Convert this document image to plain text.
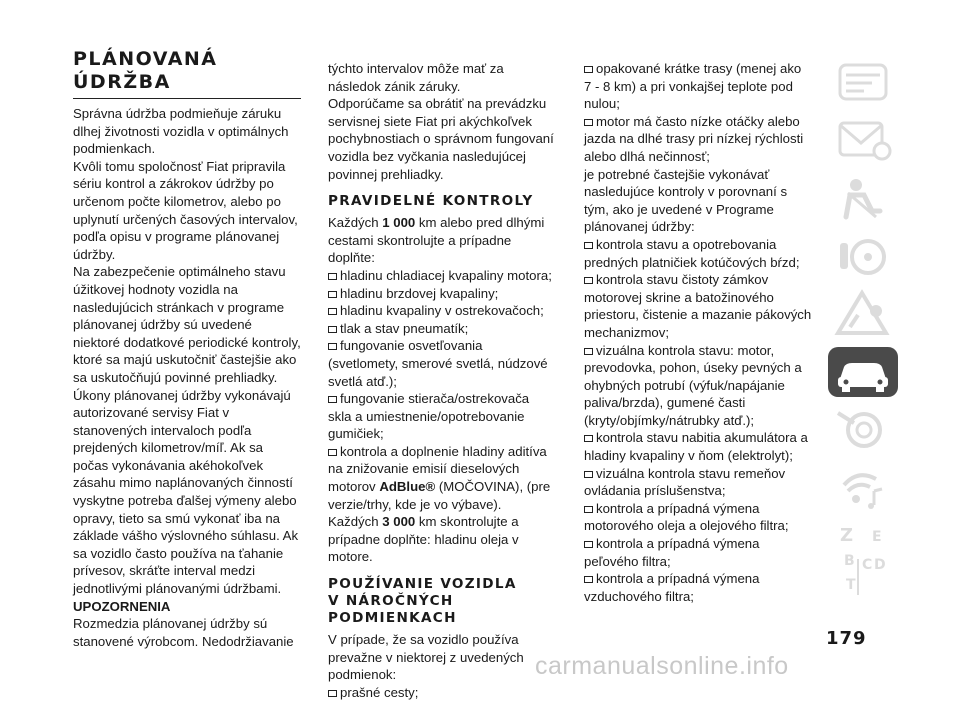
PLÁNOVANÁ
ÚDRŽBA

Správna údržba podmieňuje záruku dlhej životnosti vozidla v optimálnych podmienkach.

Kvôli tomu spoločnosť Fiat pripravila sériu kontrol a zákrokov údržby po určenom počte kilometrov, alebo po uplynutí určených časových intervalov, podľa opisu v programe plánovanej údržby.

Na zabezpečenie optimálneho stavu úžitkovej hodnoty vozidla na nasledujúcich stránkach v programe plánovanej údržby sú uvedené niektoré dodatkové periodické kontroly, ktoré sa majú uskutočniť častejšie ako sa uskutočňujú povinné prehliadky.

Úkony plánovanej údržby vykonávajú autorizované servisy Fiat v stanovených intervaloch podľa prejdených kilometrov/míľ. Ak sa počas vykonávania akéhokoľvek zásahu mimo naplánovaných činností vyskytne potreba ďalšej výmeny alebo opravy, tieto sa smú vykonať iba na základe vášho výslovného súhlasu. Ak sa vozidlo často používa na ťahanie prívesov, skráťte interval medzi jednotlivými plánovanými údržbami.

UPOZORNENIA

Rozmedzia plánovanej údržby sú stanovené výrobcom. Nedodržiavanie

týchto intervalov môže mať za následok zánik záruky.

Odporúčame sa obrátiť na prevádzku servisnej siete Fiat pri akýchkoľvek pochybnostiach o správnom fungovaní vozidla bez vyčkania nasledujúcej povinnej prehliadky.

PRAVIDELNÉ KONTROLY

Každých 1 000 km alebo pred dlhými cestami skontrolujte a prípadne doplňte:

hladinu chladiacej kvapaliny motora;

hladinu brzdovej kvapaliny;

hladinu kvapaliny v ostrekovačoch;

tlak a stav pneumatík;

fungovanie osvetľovania (svetlomety, smerové svetlá, núdzové svetlá atď.);

fungovanie stierača/ostrekovača skla a umiestnenie/opotrebovanie gumičiek;

kontrola a doplnenie hladiny aditíva na znižovanie emisií dieselových motorov AdBlue® (MOČOVINA), (pre verzie/trhy, kde je vo výbave).

Každých 3 000 km skontrolujte a prípadne doplňte: hladinu oleja v motore.

POUŽÍVANIE VOZIDLA
V NÁROČNÝCH
PODMIENKACH

V prípade, že sa vozidlo používa prevažne v niektorej z uvedených podmienok:

prašné cesty;

opakované krátke trasy (menej ako 7 - 8 km) a pri vonkajšej teplote pod nulou;

motor má často nízke otáčky alebo jazda na dlhé trasy pri nízkej rýchlosti alebo dlhá nečinnosť;

je potrebné častejšie vykonávať nasledujúce kontroly v porovnaní s tým, ako je uvedené v Programe plánovanej údržby:

kontrola stavu a opotrebovania predných platničiek kotúčových bŕzd;

kontrola stavu čistoty zámkov motorovej skrine a batožinového priestoru, čistenie a mazanie pákových mechanizmov;

vizuálna kontrola stavu: motor, prevodovka, pohon, úseky pevných a ohybných potrubí (výfuk/napájanie paliva/brzda), gumené časti (kryty/objímky/nátrubky atď.);

kontrola stavu nabitia akumulátora a hladiny kvapaliny v ňom (elektrolyt);

vizuálna kontrola stavu remeňov ovládania príslušenstva;

kontrola a prípadná výmena motorového oleja a olejového filtra;

kontrola a prípadná výmena peľového filtra;

kontrola a prípadná výmena vzduchového filtra;

Z E
B C
T
D
179
carmanualsonline.info
